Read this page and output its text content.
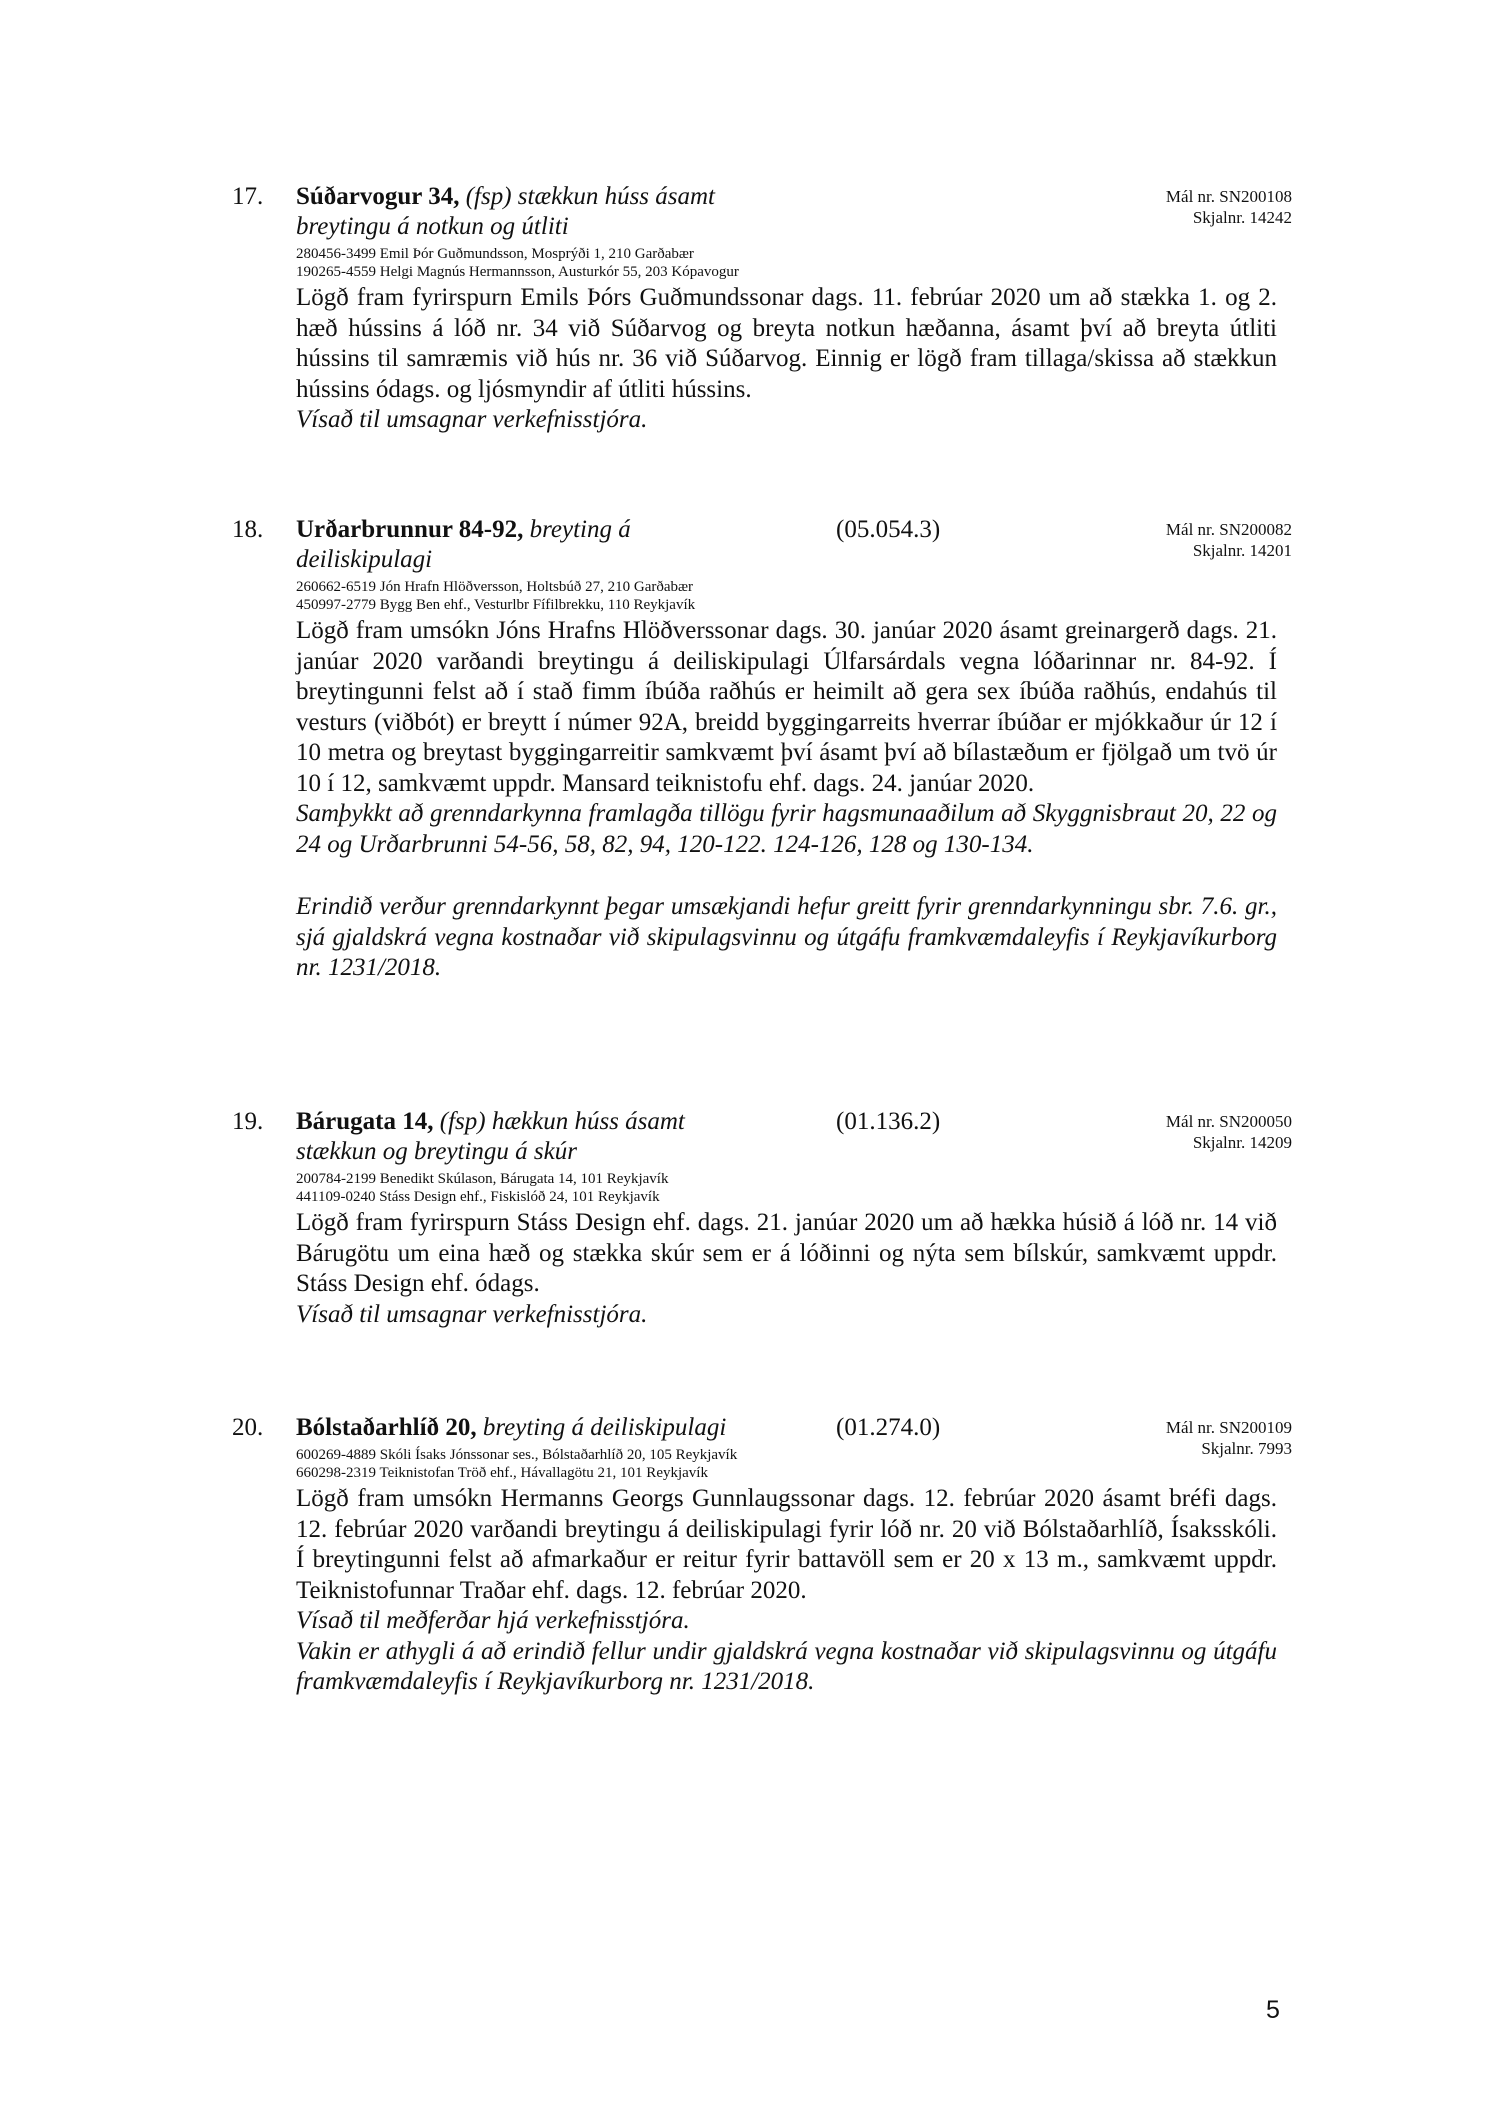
17.	Mál nr. SN200108
Skjalnr. 14242
Súðarvogur 34, (fsp) stækkun húss ásamt
breytingu á notkun og útliti
280456-3499 Emil Þór Guðmundsson, Mosprýði 1, 210 Garðabær
190265-4559 Helgi Magnús Hermannsson, Austurkór 55, 203 Kópavogur

Lögð fram fyrirspurn Emils Þórs Guðmundssonar dags. 11. febrúar 2020 um að stækka 1. og 2. hæð hússins á lóð nr. 34 við Súðarvog og breyta notkun hæðanna, ásamt því að breyta útliti hússins til samræmis við hús nr. 36 við Súðarvog. Einnig er lögð fram tillaga/skissa að stækkun hússins ódags. og ljósmyndir af útliti hússins.

Vísað til umsagnar verkefnisstjóra.

18.	Mál nr. SN200082
Skjalnr. 14201
Urðarbrunnur 84-92, breyting á	(05.054.3)
deiliskipulagi
260662-6519 Jón Hrafn Hlöðversson, Holtsbúð 27, 210 Garðabær
450997-2779 Bygg Ben ehf., Vesturlbr Fífilbrekku, 110 Reykjavík

Lögð fram umsókn Jóns Hrafns Hlöðverssonar dags. 30. janúar 2020 ásamt greinargerð dags. 21. janúar 2020 varðandi breytingu á deiliskipulagi Úlfarsárdals vegna lóðarinnar nr. 84-92. Í breytingunni felst að í stað fimm íbúða raðhús er heimilt að gera sex íbúða raðhús, endahús til vesturs (viðbót) er breytt í númer 92A, breidd byggingarreits hverrar íbúðar er mjókkaður úr 12 í 10 metra og breytast byggingarreitir samkvæmt því ásamt því að bílastæðum er fjölgað um tvö úr 10 í 12, samkvæmt uppdr. Mansard teiknistofu ehf. dags. 24. janúar 2020.

Samþykkt að grenndarkynna framlagða tillögu fyrir hagsmunaaðilum að Skyggnisbraut 20, 22 og 24 og Urðarbrunni 54-56, 58, 82, 94, 120-122. 124-126, 128 og 130-134.

Erindið verður grenndarkynnt þegar umsækjandi hefur greitt fyrir grenndarkynningu sbr. 7.6. gr., sjá gjaldskrá vegna kostnaðar við skipulagsvinnu og útgáfu framkvæmdaleyfis í Reykjavíkurborg nr. 1231/2018.

19.	Mál nr. SN200050
Skjalnr. 14209
Bárugata 14, (fsp) hækkun húss ásamt	(01.136.2)
stækkun og breytingu á skúr
200784-2199 Benedikt Skúlason, Bárugata 14, 101 Reykjavík
441109-0240 Stáss Design ehf., Fiskislóð 24, 101 Reykjavík

Lögð fram fyrirspurn Stáss Design ehf. dags. 21. janúar 2020 um að hækka húsið á lóð nr. 14 við Bárugötu um eina hæð og stækka skúr sem er á lóðinni og nýta sem bílskúr, samkvæmt uppdr. Stáss Design ehf. ódags.

Vísað til umsagnar verkefnisstjóra.

20.	Mál nr. SN200109
Skjalnr. 7993
Bólstaðarhlíð 20, breyting á deiliskipulagi	(01.274.0)
600269-4889 Skóli Ísaks Jónssonar ses., Bólstaðarhlíð 20, 105 Reykjavík
660298-2319 Teiknistofan Tröð ehf., Hávallagötu 21, 101 Reykjavík

Lögð fram umsókn Hermanns Georgs Gunnlaugssonar dags. 12. febrúar 2020 ásamt bréfi dags. 12. febrúar 2020 varðandi breytingu á deiliskipulagi fyrir lóð nr. 20 við Bólstaðarhlíð, Ísaksskóli. Í breytingunni felst að afmarkaður er reitur fyrir battavöll sem er 20 x 13 m., samkvæmt uppdr. Teiknistofunnar Traðar ehf. dags. 12. febrúar 2020.

Vísað til meðferðar hjá verkefnisstjóra.

Vakin er athygli á að erindið fellur undir gjaldskrá vegna kostnaðar við skipulagsvinnu og útgáfu framkvæmdaleyfis í Reykjavíkurborg nr. 1231/2018.

5
